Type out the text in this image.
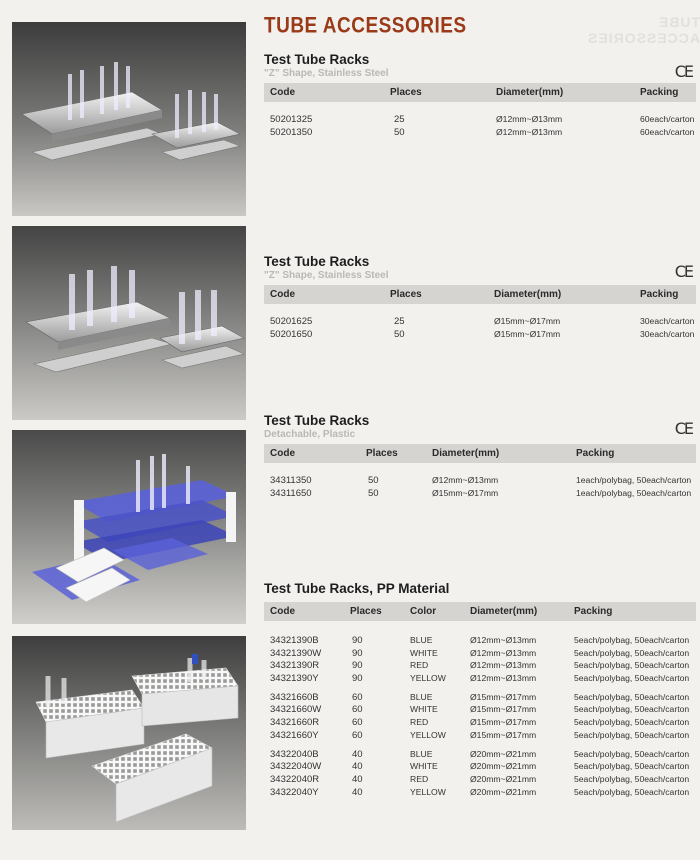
TUBE ACCESSORIES	TUBE ACCESSORIES
Test Tube Racks
"Z" Shape, Stainless Steel	CE
Code	Places	Diameter(mm)	Packing
50201325	25	Ø12mm~Ø13mm	60each/carton
50201350	50	Ø12mm~Ø13mm	60each/carton
Test Tube Racks
"Z" Shape, Stainless Steel	CE
Code	Places	Diameter(mm)	Packing
50201625	25	Ø15mm~Ø17mm	30each/carton
50201650	50	Ø15mm~Ø17mm	30each/carton
Test Tube Racks
Detachable, Plastic	CE
Code	Places	Diameter(mm)	Packing
34311350	50	Ø12mm~Ø13mm	1each/polybag, 50each/carton
34311650	50	Ø15mm~Ø17mm	1each/polybag, 50each/carton
Test Tube Racks, PP Material
Code	Places	Color	Diameter(mm)	Packing
34321390B	90	BLUE	Ø12mm~Ø13mm	5each/polybag, 50each/carton
34321390W	90	WHITE	Ø12mm~Ø13mm	5each/polybag, 50each/carton
34321390R	90	RED	Ø12mm~Ø13mm	5each/polybag, 50each/carton
34321390Y	90	YELLOW	Ø12mm~Ø13mm	5each/polybag, 50each/carton
34321660B	60	BLUE	Ø15mm~Ø17mm	5each/polybag, 50each/carton
34321660W	60	WHITE	Ø15mm~Ø17mm	5each/polybag, 50each/carton
34321660R	60	RED	Ø15mm~Ø17mm	5each/polybag, 50each/carton
34321660Y	60	YELLOW	Ø15mm~Ø17mm	5each/polybag, 50each/carton
34322040B	40	BLUE	Ø20mm~Ø21mm	5each/polybag, 50each/carton
34322040W	40	WHITE	Ø20mm~Ø21mm	5each/polybag, 50each/carton
34322040R	40	RED	Ø20mm~Ø21mm	5each/polybag, 50each/carton
34322040Y	40	YELLOW	Ø20mm~Ø21mm	5each/polybag, 50each/carton
